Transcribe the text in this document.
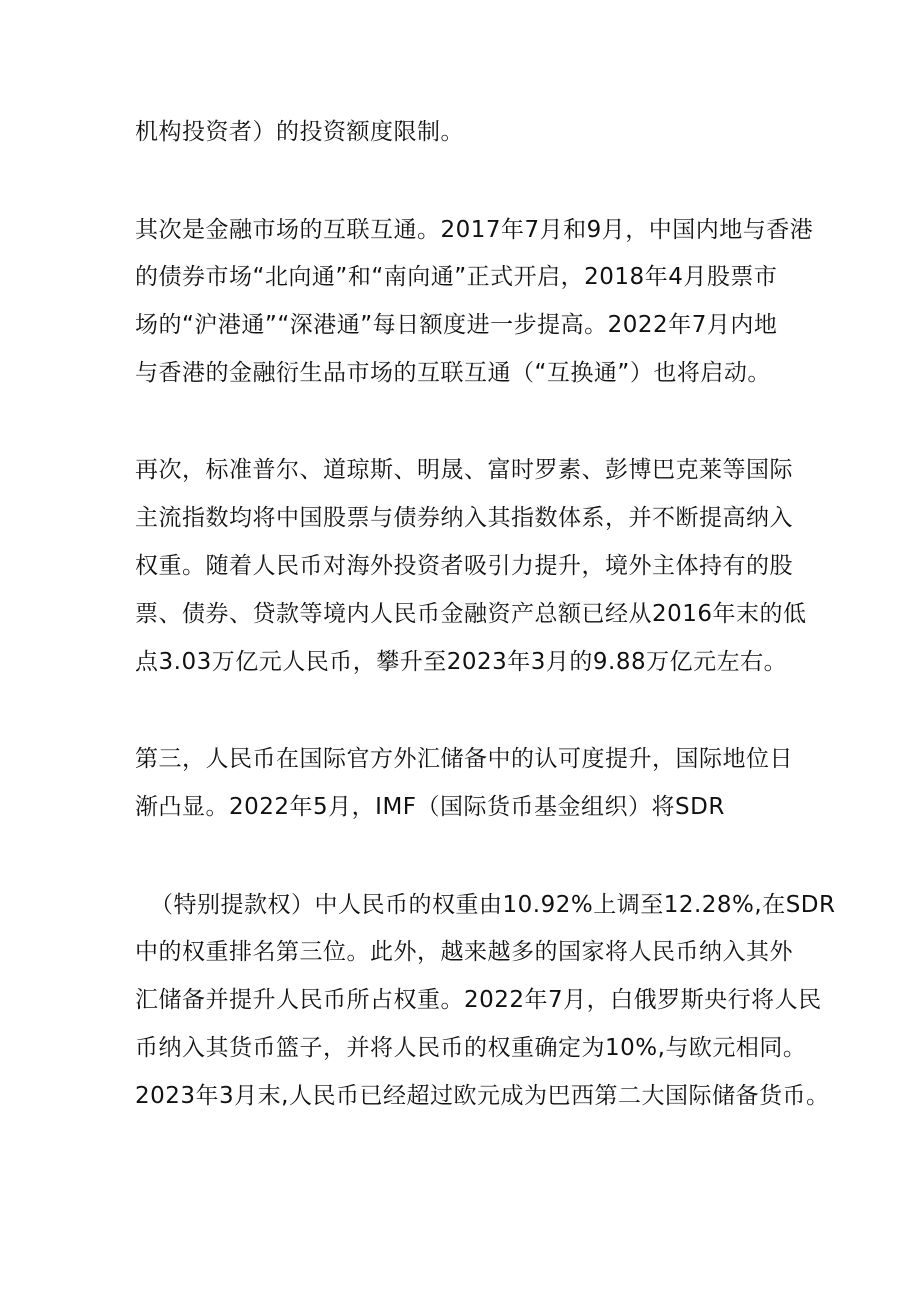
机构投资者）的投资额度限制。
其次是金融市场的互联互通。2017年7月和9月，中国内地与香港
的债券市场“北向通”和“南向通”正式开启，2018年4月股票市
场的“沪港通”“深港通”每日额度进一步提高。2022年7月内地
与香港的金融衍生品市场的互联互通（“互换通”）也将启动。
再次，标准普尔、道琼斯、明晟、富时罗素、彭博巴克莱等国际
主流指数均将中国股票与债券纳入其指数体系，并不断提高纳入
权重。随着人民币对海外投资者吸引力提升，境外主体持有的股
票、债券、贷款等境内人民币金融资产总额已经从2016年末的低
点3.03万亿元人民币，攀升至2023年3月的9.88万亿元左右。
第三，人民币在国际官方外汇储备中的认可度提升，国际地位日
渐凸显。2022年5月，IMF（国际货币基金组织）将SDR
（特别提款权）中人民币的权重由10.92%上调至12.28%,在SDR
中的权重排名第三位。此外，越来越多的国家将人民币纳入其外
汇储备并提升人民币所占权重。2022年7月，白俄罗斯央行将人民
币纳入其货币篮子，并将人民币的权重确定为10%,与欧元相同。
2023年3月末,人民币已经超过欧元成为巴西第二大国际储备货币。
